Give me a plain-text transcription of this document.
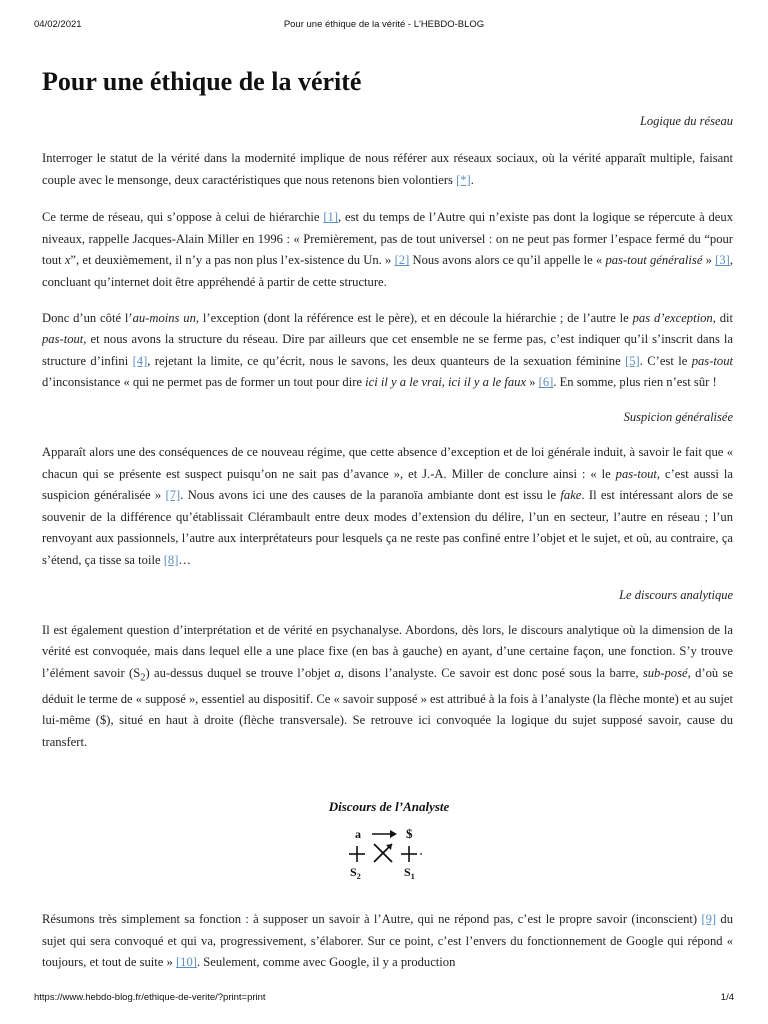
04/02/2021	Pour une éthique de la vérité - L'HEBDO-BLOG
Pour une éthique de la vérité
Logique du réseau

Interroger le statut de la vérité dans la modernité implique de nous référer aux réseaux sociaux, où la vérité apparaît multiple, faisant couple avec le mensonge, deux caractéristiques que nous retenons bien volontiers [*].

Ce terme de réseau, qui s’oppose à celui de hiérarchie [1], est du temps de l’Autre qui n’existe pas dont la logique se répercute à deux niveaux, rappelle Jacques-Alain Miller en 1996 : « Premièrement, pas de tout universel : on ne peut pas former l’espace fermé du “pour tout x”, et deuxièmement, il n’y a pas non plus l’ex-sistence du Un. » [2] Nous avons alors ce qu’il appelle le « pas-tout généralisé » [3], concluant qu’internet doit être appréhendé à partir de cette structure.

Donc d’un côté l’au-moins un, l’exception (dont la référence est le père), et en découle la hiérarchie ; de l’autre le pas d’exception, dit pas-tout, et nous avons la structure du réseau. Dire par ailleurs que cet ensemble ne se ferme pas, c’est indiquer qu’il s’inscrit dans la structure d’infini [4], rejetant la limite, ce qu’écrit, nous le savons, les deux quanteurs de la sexuation féminine [5]. C’est le pas-tout d’inconsistance « qui ne permet pas de former un tout pour dire ici il y a le vrai, ici il y a le faux » [6]. En somme, plus rien n’est sûr !

Suspicion généralisée

Apparaît alors une des conséquences de ce nouveau régime, que cette absence d’exception et de loi générale induit, à savoir le fait que « chacun qui se présente est suspect puisqu’on ne sait pas d’avance », et J.-A. Miller de conclure ainsi : « le pas-tout, c’est aussi la suspicion généralisée » [7]. Nous avons ici une des causes de la paranoïa ambiante dont est issu le fake. Il est intéressant alors de se souvenir de la différence qu’établissait Clérambault entre deux modes d’extension du délire, l’un en secteur, l’autre en réseau ; l’un renvoyant aux passionnels, l’autre aux interprétateurs pour lesquels ça ne reste pas confiné entre l’objet et le sujet, et où, au contraire, ça s’étend, ça tisse sa toile [8]…

Le discours analytique

Il est également question d’interprétation et de vérité en psychanalyse. Abordons, dès lors, le discours analytique où la dimension de la vérité est convoquée, mais dans lequel elle a une place fixe (en bas à gauche) en ayant, d’une certaine façon, une fonction. S’y trouve l’élément savoir $(S_2)$ au-dessus duquel se trouve l’objet a, disons l’analyste. Ce savoir est donc posé sous la barre, sub-posé, d’où se déduit le terme de « supposé », essentiel au dispositif. Ce « savoir supposé » est attribué à la fois à l’analyste (la flèche monte) et au sujet lui-même ($), situé en haut à droite (flèche transversale). Se retrouve ici convoquée la logique du sujet supposé savoir, cause du transfert.

Discours de l’Analyste
a	$
$S_2$	$S_1$

Résumons très simplement sa fonction : à supposer un savoir à l’Autre, qui ne répond pas, c’est le propre savoir (inconscient) [9] du sujet qui sera convoqué et qui va, progressivement, s’élaborer. Sur ce point, c’est l’envers du fonctionnement de Google qui répond « toujours, et tout de suite » [10]. Seulement, comme avec Google, il y a production

https://www.hebdo-blog.fr/ethique-de-verite/?print=print	1/4
